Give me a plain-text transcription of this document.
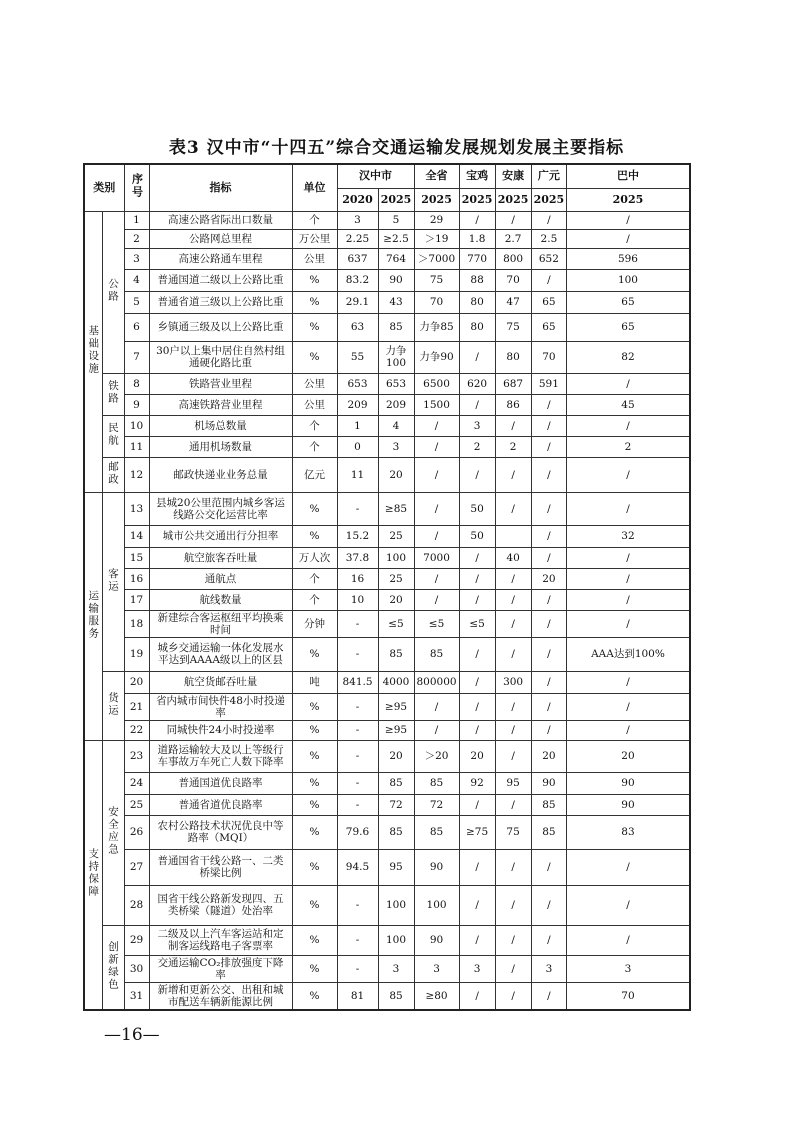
表3 汉中市“十四五”综合交通运输发展规划发展主要指标
类别		序号	指标	单位	汉中市		全省	宝鸡	安康	广元	巴中
					2020	2025	2025	2025	2025	2025	2025
基础设施	公路	1	高速公路省际出口数量	个	3	5	29	/	/	/	/
		2	公路网总里程	万公里	2.25	≥2.5	＞19	1.8	2.7	2.5	/
		3	高速公路通车里程	公里	637	764	＞7000	770	800	652	596
		4	普通国道二级以上公路比重	%	83.2	90	75	88	70	/	100
		5	普通省道三级以上公路比重	%	29.1	43	70	80	47	65	65
		6	乡镇通三级及以上公路比重	%	63	85	力争85	80	75	65	65
		7	30户以上集中居住自然村组通硬化路比重	%	55	力争100	力争90	/	80	70	82
	铁路	8	铁路营业里程	公里	653	653	6500	620	687	591	/
		9	高速铁路营业里程	公里	209	209	1500	/	86	/	45
	民航	10	机场总数量	个	1	4	/	3	/	/	/
		11	通用机场数量	个	0	3	/	2	2	/	2
	邮政	12	邮政快递业业务总量	亿元	11	20	/	/	/	/	/
运输服务	客运	13	县城20公里范围内城乡客运线路公交化运营比率	%	-	≥85	/	50	/	/	/
		14	城市公共交通出行分担率	%	15.2	25	/	50		/	32
		15	航空旅客吞吐量	万人次	37.8	100	7000	/	40	/	/
		16	通航点	个	16	25	/	/	/	20	/
		17	航线数量	个	10	20	/	/	/	/	/
		18	新建综合客运枢纽平均换乘时间	分钟	-	≤5	≤5	≤5	/	/	/
		19	城乡交通运输一体化发展水平达到AAAA级以上的区县	%	-	85	85	/	/	/	AAA达到100%
	货运	20	航空货邮吞吐量	吨	841.5	4000	800000	/	300	/	/
		21	省内城市间快件48小时投递率	%	-	≥95	/	/	/	/	/
		22	同城快件24小时投递率	%	-	≥95	/	/	/	/	/
支持保障	安全应急	23	道路运输较大及以上等级行车事故万车死亡人数下降率	%	-	20	＞20	20	/	20	20
		24	普通国道优良路率	%	-	85	85	92	95	90	90
		25	普通省道优良路率	%	-	72	72	/	/	85	90
		26	农村公路技术状况优良中等路率（MQI）	%	79.6	85	85	≥75	75	85	83
		27	普通国省干线公路一、二类桥梁比例	%	94.5	95	90	/	/	/	/
		28	国省干线公路新发现四、五类桥梁（隧道）处治率	%	-	100	100	/	/	/	/
	创新绿色	29	二级及以上汽车客运站和定制客运线路电子客票率	%	-	100	90	/	/	/	/
		30	交通运输CO₂排放强度下降率	%	-	3	3	3	/	3	3
		31	新增和更新公交、出租和城市配送车辆新能源比例	%	81	85	≥80	/	/	/	70
—16—
